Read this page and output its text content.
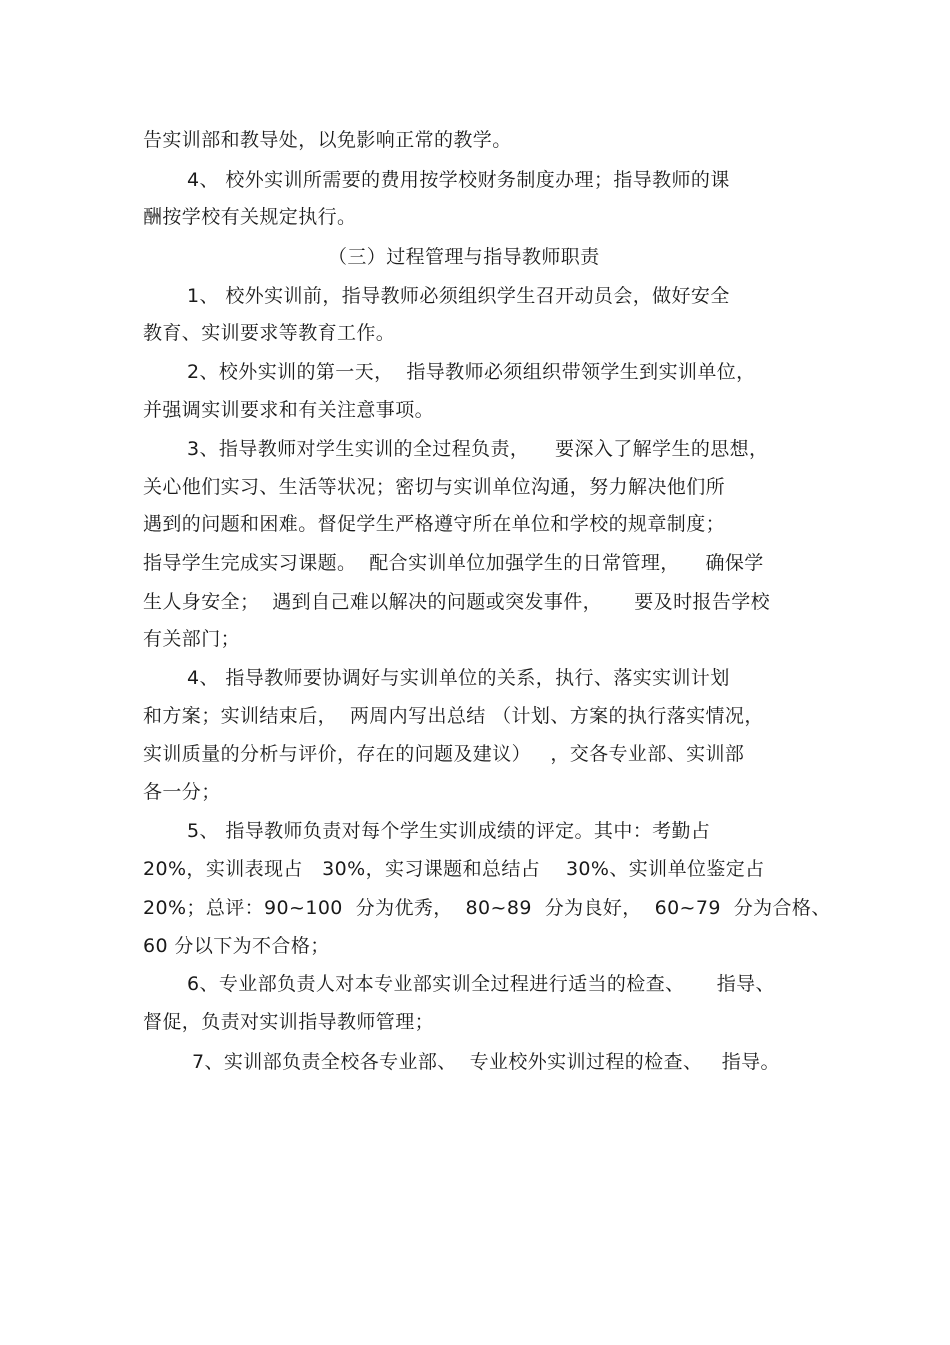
告实训部和教导处，以免影响正常的教学。
4、 校外实训所需要的费用按学校财务制度办理；指导教师的课
酬按学校有关规定执行。
（三）过程管理与指导教师职责
1、 校外实训前，指导教师必须组织学生召开动员会，做好安全
教育、实训要求等教育工作。
2、校外实训的第一天，  指导教师必须组织带领学生到实训单位，
并强调实训要求和有关注意事项。
3、指导教师对学生实训的全过程负责，    要深入了解学生的思想，
关心他们实习、生活等状况；密切与实训单位沟通，努力解决他们所
遇到的问题和困难。督促学生严格遵守所在单位和学校的规章制度；
指导学生完成实习课题。  配合实训单位加强学生的日常管理，    确保学
生人身安全；  遇到自己难以解决的问题或突发事件，     要及时报告学校
有关部门；
4、 指导教师要协调好与实训单位的关系，执行、落实实训计划
和方案；实训结束后，  两周内写出总结 （计划、方案的执行落实情况，
实训质量的分析与评价，存在的问题及建议）   ，交各专业部、实训部
各一分；
5、 指导教师负责对每个学生实训成绩的评定。其中：考勤占
20%，实训表现占   30%，实习课题和总结占    30%、实训单位鉴定占
20%；总评：90~100  分为优秀，  80~89  分为良好，  60~79  分为合格、
60 分以下为不合格；
6、专业部负责人对本专业部实训全过程进行适当的检查、     指导、
督促，负责对实训指导教师管理；
7、实训部负责全校各专业部、  专业校外实训过程的检查、   指导。
